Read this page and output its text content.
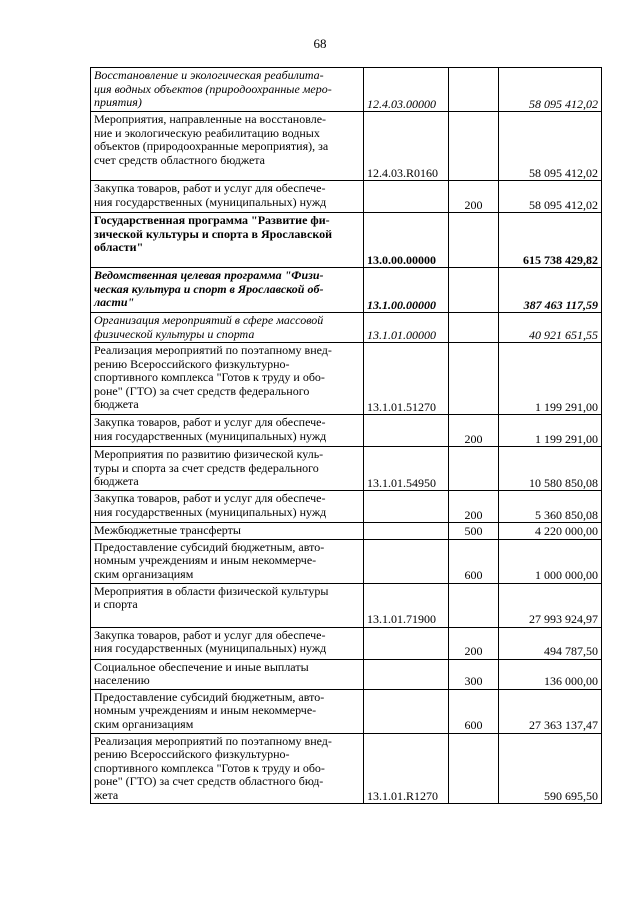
68
Восстановление и экологическая реабилита-
ция водных объектов (природоохранные меро-
приятия)	12.4.03.00000		58 095 412,02
Мероприятия, направленные на восстановле-
ние и экологическую реабилитацию водных
объектов (природоохранные мероприятия), за
счет средств областного бюджета	12.4.03.R0160		58 095 412,02
Закупка товаров, работ и услуг для обеспече-
ния государственных (муниципальных) нужд		200	58 095 412,02
Государственная программа "Развитие фи-
зической культуры и спорта в Ярославской
области"	13.0.00.00000		615 738 429,82
Ведомственная целевая программа "Физи-
ческая культура и спорт в Ярославской об-
ласти"	13.1.00.00000		387 463 117,59
Организация мероприятий в сфере массовой
физической культуры и спорта	13.1.01.00000		40 921 651,55
Реализация мероприятий по поэтапному внед-
рению Всероссийского физкультурно-
спортивного комплекса "Готов к труду и обо-
роне" (ГТО) за счет средств федерального
бюджета	13.1.01.51270		1 199 291,00
Закупка товаров, работ и услуг для обеспече-
ния государственных (муниципальных) нужд		200	1 199 291,00
Мероприятия по развитию физической куль-
туры и спорта за счет средств федерального
бюджета	13.1.01.54950		10 580 850,08
Закупка товаров, работ и услуг для обеспече-
ния государственных (муниципальных) нужд		200	5 360 850,08
Межбюджетные трансферты		500	4 220 000,00
Предоставление субсидий бюджетным, авто-
номным учреждениям и иным некоммерче-
ским организациям		600	1 000 000,00
Мероприятия в области физической культуры
и спорта	13.1.01.71900		27 993 924,97
Закупка товаров, работ и услуг для обеспече-
ния государственных (муниципальных) нужд		200	494 787,50
Социальное обеспечение и иные выплаты
населению		300	136 000,00
Предоставление субсидий бюджетным, авто-
номным учреждениям и иным некоммерче-
ским организациям		600	27 363 137,47
Реализация мероприятий по поэтапному внед-
рению Всероссийского физкультурно-
спортивного комплекса "Готов к труду и обо-
роне" (ГТО) за счет средств областного бюд-
жета	13.1.01.R1270		590 695,50
